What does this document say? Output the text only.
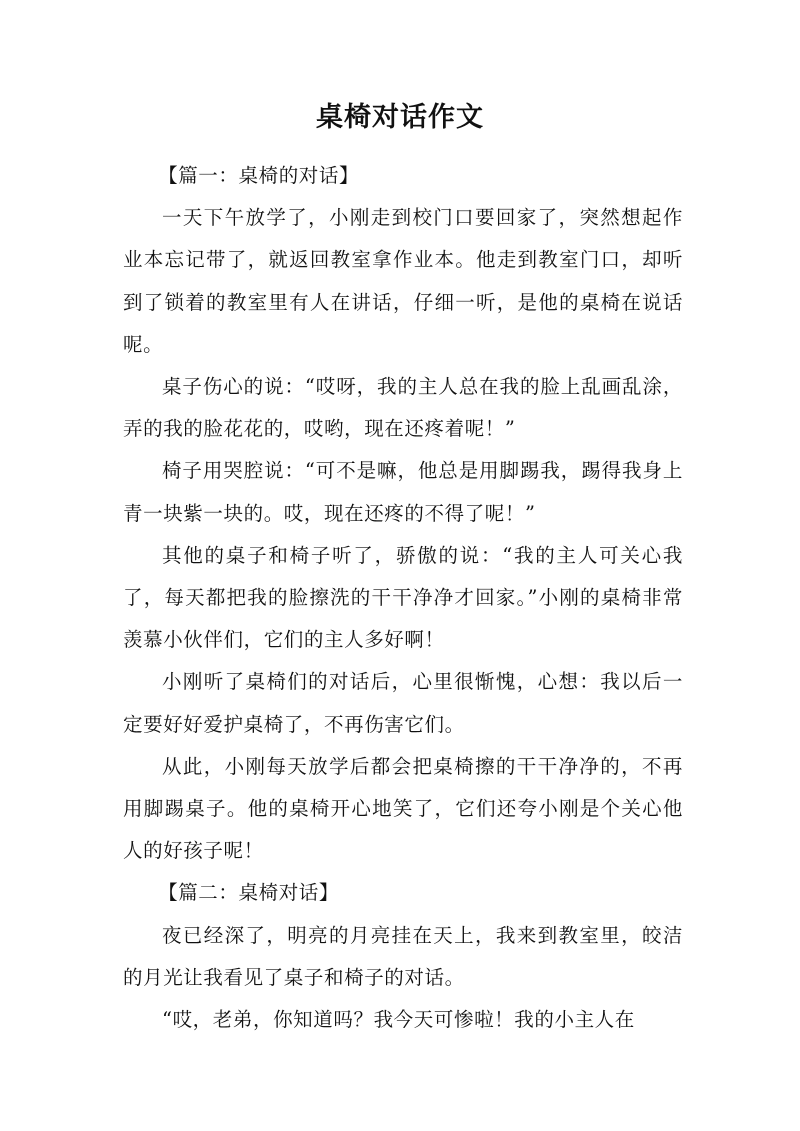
桌椅对话作文

【篇一：桌椅的对话】

一天下午放学了，小刚走到校门口要回家了，突然想起作业本忘记带了，就返回教室拿作业本。他走到教室门口，却听到了锁着的教室里有人在讲话，仔细一听，是他的桌椅在说话呢。

桌子伤心的说：“哎呀，我的主人总在我的脸上乱画乱涂，弄的我的脸花花的，哎哟，现在还疼着呢！”

椅子用哭腔说：“可不是嘛，他总是用脚踢我，踢得我身上青一块紫一块的。哎，现在还疼的不得了呢！”

其他的桌子和椅子听了，骄傲的说：“我的主人可关心我了，每天都把我的脸擦洗的干干净净才回家。”小刚的桌椅非常羡慕小伙伴们，它们的主人多好啊！

小刚听了桌椅们的对话后，心里很惭愧，心想：我以后一定要好好爱护桌椅了，不再伤害它们。

从此，小刚每天放学后都会把桌椅擦的干干净净的，不再用脚踢桌子。他的桌椅开心地笑了，它们还夸小刚是个关心他人的好孩子呢！

【篇二：桌椅对话】

夜已经深了，明亮的月亮挂在天上，我来到教室里，皎洁的月光让我看见了桌子和椅子的对话。

“哎，老弟，你知道吗？我今天可惨啦！我的小主人在
